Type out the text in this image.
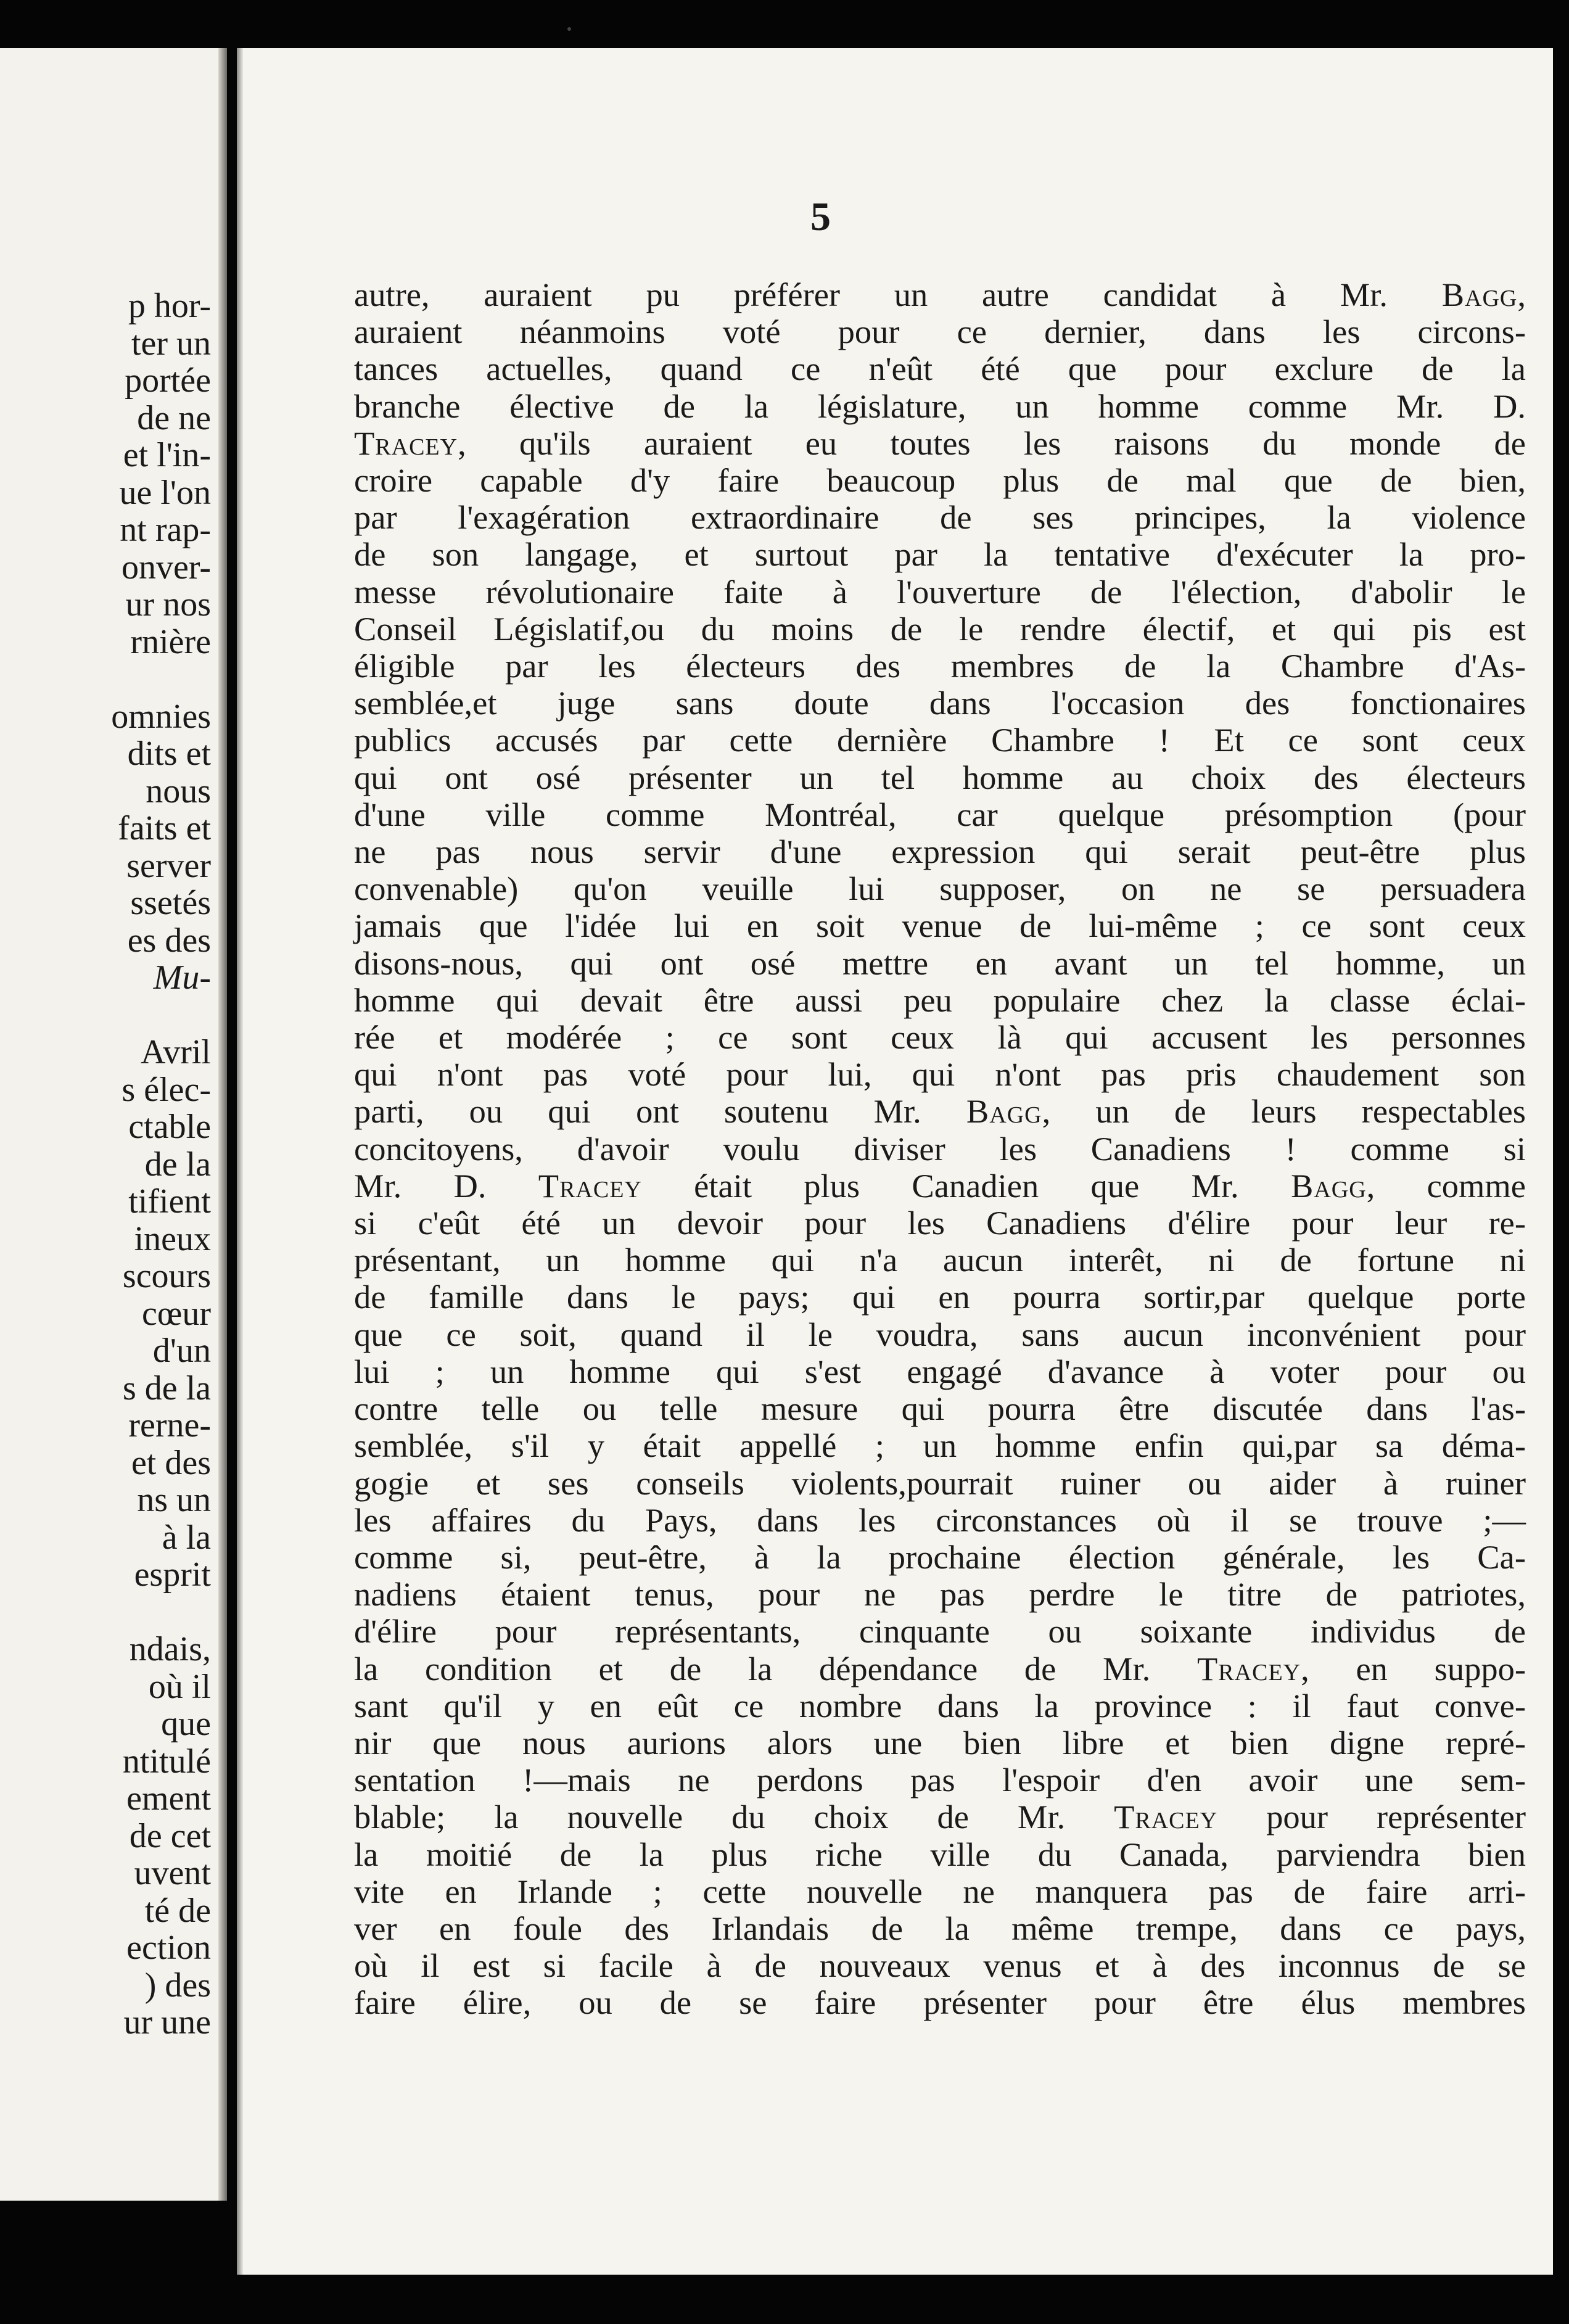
p hor-
ter un
portée
de ne
et l'in-
ue l'on
nt rap-
onver-
ur nos
rnière

omnies
dits et
nous
faits et
server
ssetés
es des
Mu-

Avril
s élec-
ctable
de la
tifient
ineux
scours
cœur
d'un
s de la
rerne-
et des
ns un
à la
esprit

ndais,
où il
que
ntitulé
ement
de cet
uvent
té de
ection
) des
ur une
5
autre, auraient pu préférer un autre candidat à Mr. Bagg,
auraient néanmoins voté pour ce dernier, dans les circons-
tances actuelles, quand ce n'eût été que pour exclure de la
branche élective de la législature, un homme comme Mr. D.
Tracey, qu'ils auraient eu toutes les raisons du monde de
croire capable d'y faire beaucoup plus de mal que de bien,
par l'exagération extraordinaire de ses principes, la violence
de son langage, et surtout par la tentative d'exécuter la pro-
messe révolutionaire faite à l'ouverture de l'élection, d'abolir le
Conseil Législatif,ou du moins de le rendre électif, et qui pis est
éligible par les électeurs des membres de la Chambre d'As-
semblée,et juge sans doute dans l'occasion des fonctionaires
publics accusés par cette dernière Chambre ! Et ce sont ceux
qui ont osé présenter un tel homme au choix des électeurs
d'une ville comme Montréal, car quelque présomption (pour
ne pas nous servir d'une expression qui serait peut-être plus
convenable) qu'on veuille lui supposer, on ne se persuadera
jamais que l'idée lui en soit venue de lui-même ; ce sont ceux
disons-nous, qui ont osé mettre en avant un tel homme, un
homme qui devait être aussi peu populaire chez la classe éclai-
rée et modérée ; ce sont ceux là qui accusent les personnes
qui n'ont pas voté pour lui, qui n'ont pas pris chaudement son
parti, ou qui ont soutenu Mr. Bagg, un de leurs respectables
concitoyens, d'avoir voulu diviser les Canadiens ! comme si
Mr. D. Tracey était plus Canadien que Mr. Bagg, comme
si c'eût été un devoir pour les Canadiens d'élire pour leur re-
présentant, un homme qui n'a aucun interêt, ni de fortune ni
de famille dans le pays; qui en pourra sortir,par quelque porte
que ce soit, quand il le voudra, sans aucun inconvénient pour
lui ; un homme qui s'est engagé d'avance à voter pour ou
contre telle ou telle mesure qui pourra être discutée dans l'as-
semblée, s'il y était appellé ; un homme enfin qui,par sa déma-
gogie et ses conseils violents,pourrait ruiner ou aider à ruiner
les affaires du Pays, dans les circonstances où il se trouve ;—
comme si, peut-être, à la prochaine élection générale, les Ca-
nadiens étaient tenus, pour ne pas perdre le titre de patriotes,
d'élire pour représentants, cinquante ou soixante individus de
la condition et de la dépendance de Mr. Tracey, en suppo-
sant qu'il y en eût ce nombre dans la province : il faut conve-
nir que nous aurions alors une bien libre et bien digne repré-
sentation !—mais ne perdons pas l'espoir d'en avoir une sem-
blable; la nouvelle du choix de Mr. Tracey pour représenter
la moitié de la plus riche ville du Canada, parviendra bien
vite en Irlande ; cette nouvelle ne manquera pas de faire arri-
ver en foule des Irlandais de la même trempe, dans ce pays,
où il est si facile à de nouveaux venus et à des inconnus de se
faire élire, ou de se faire présenter pour être élus membres
